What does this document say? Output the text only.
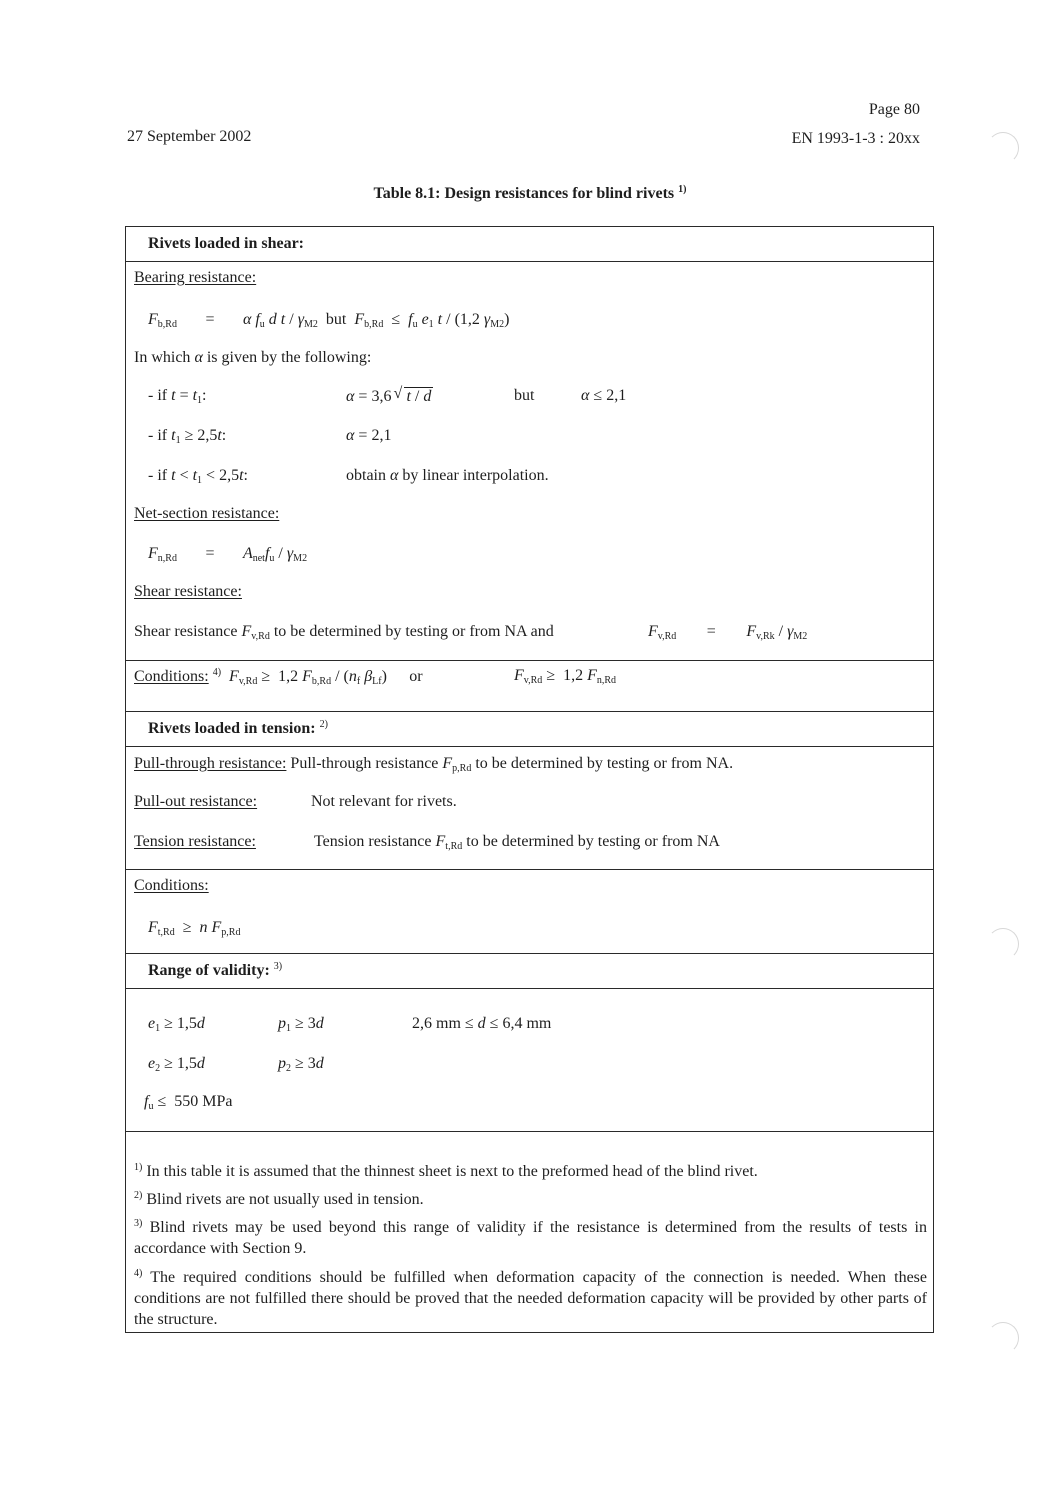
27 September 2002
Page 80
EN 1993-1-3 : 20xx
Table 8.1: Design resistances for blind rivets $^{1)}$
Rivets loaded in shear:
Bearing resistance:
$F_{b,Rd} = \alpha$ $f_u$ d t / $\gamma_{M2}$ but $F_{b,Rd} \le f_u$ $e_1$ t / (1,2 $\gamma_{M2}$)
In which α is given by the following:
- if $t = t_1$:	α = 3,6 √ t / d	but	α ≤ 2,1
- if $t_1 \ge 2,5t$:	α = 2,1
- if $t < t_1 < 2,5t$:	obtain α by linear interpolation.
Net-section resistance:
$F_{n,Rd} = A_{net}f_u / \gamma_{M2}$
Shear resistance:
Shear resistance $F_{v,Rd}$ to be determined by testing or from NA and	$F_{v,Rd} = F_{v,Rk} / \gamma_{M2}$
Conditions: $^{4)}$ $F_{v,Rd} \ge 1,2$ $F_{b,Rd} / (n_f$ $\beta_{Lf}$) or	$F_{v,Rd} \ge 1,2$ $F_{n,Rd}$
Rivets loaded in tension: $^{2)}$
Pull-through resistance: Pull-through resistance $F_{p,Rd}$ to be determined by testing or from NA.
Pull-out resistance:	Not relevant for rivets.
Tension resistance:	Tension resistance $F_{t,Rd}$ to be determined by testing or from NA
Conditions:
$F_{t,Rd} \ge n$ $F_{p,Rd}$
Range of validity: $^{3)}$
$e_1 \ge 1,5d$	$p_1 \ge 3d$	2,6 mm ≤ d ≤ 6,4 mm
$e_2 \ge 1,5d$	$p_2 \ge 3d$
$f_u \le 550$ MPa
$^{1)}$ In this table it is assumed that the thinnest sheet is next to the preformed head of the blind rivet.
$^{2)}$ Blind rivets are not usually used in tension.
$^{3)}$ Blind rivets may be used beyond this range of validity if the resistance is determined from the results of tests in accordance with Section 9.
$^{4)}$ The required conditions should be fulfilled when deformation capacity of the connection is needed. When these conditions are not fulfilled there should be proved that the needed deformation capacity will be provided by other parts of the structure.
